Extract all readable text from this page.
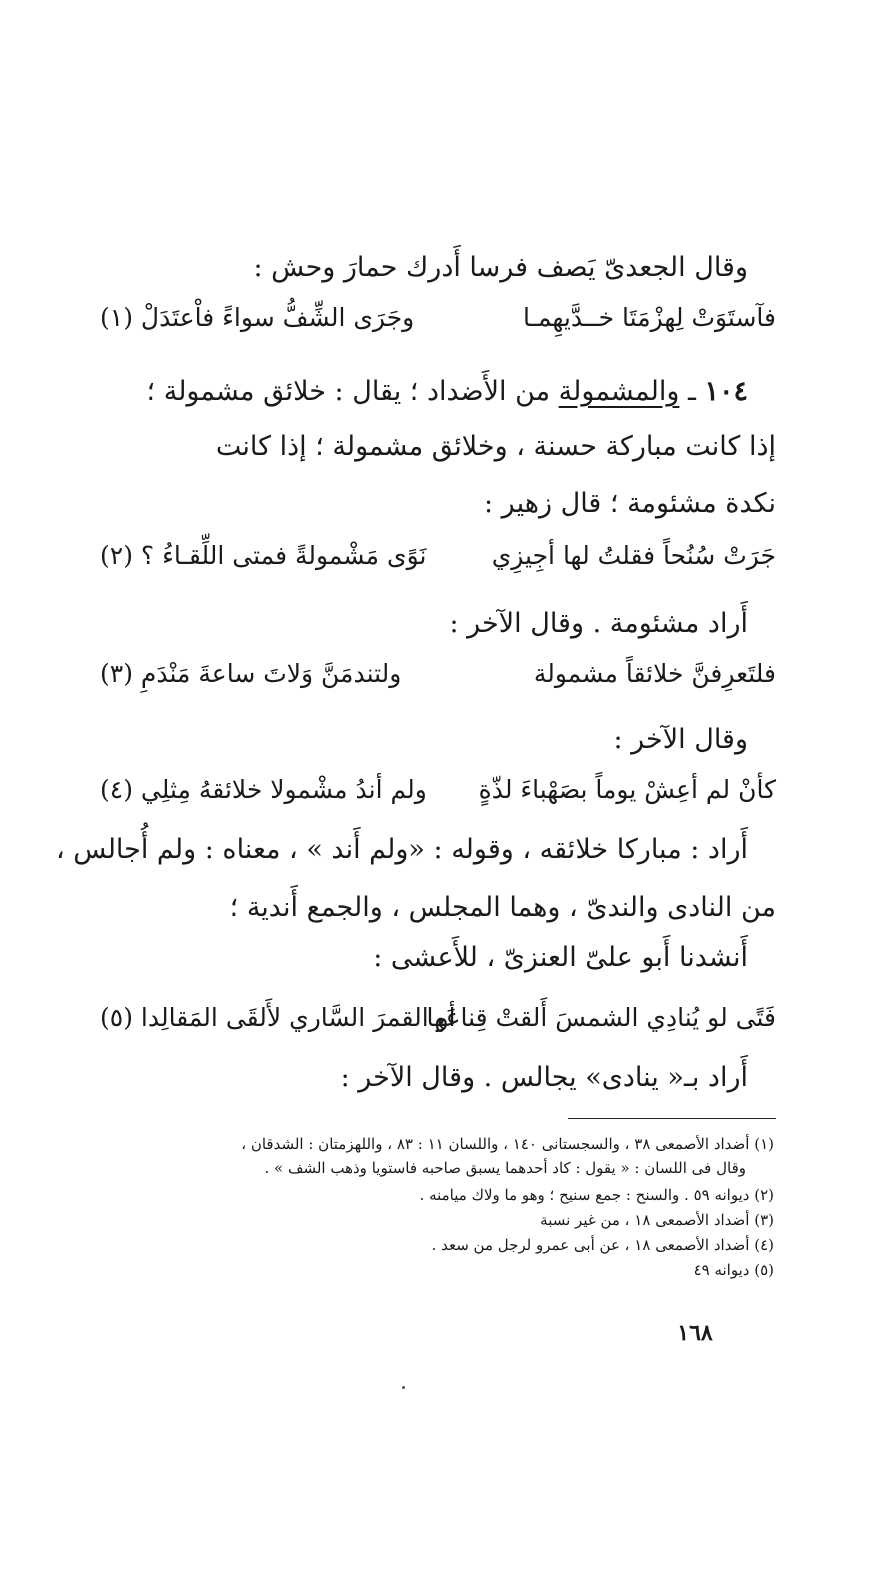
وقال الجعدىّ يَصف فرسا أَدرك حمارَ وحش :
فآستَوَتْ لِهزْمَتَا خــدَّيهِمـا
وجَرَى الشِّفُّ سواءً فاْعتَدَلْ (١)
١٠٤ ـ والمشمولة من الأَضداد ؛ يقال : خلائق مشمولة ؛
إذا كانت مباركة حسنة ، وخلائق مشمولة ؛ إذا كانت
نكدة مشئومة ؛ قال زهير :
جَرَتْ سُنُحاً فقلتُ لها أجِيزِي
نَوًى مَشْمولةً فمتى اللِّقـاءُ ؟ (٢)
أَراد مشئومة . وقال الآخر :
فلتَعرِفنَّ خلائقاً مشمولة
ولتندمَنَّ وَلاتَ ساعةَ مَنْدَمِ (٣)
وقال الآخر :
كأنْ لم أعِشْ يوماً بصَهْباءَ لذّةٍ
ولم أندُ مشْمولا خلائقهُ مِثلِي (٤)
أَراد : مباركا خلائقه ، وقوله : «ولم أَند » ، معناه : ولم أُجالس ،
من النادى والندىّ ، وهما المجلس ، والجمع أَندية ؛
أَنشدنا أَبو علىّ العنزىّ ، للأَعشى :
فَتًى لو يُنادِي الشمسَ أَلقتْ قِناعَها
أو القمرَ السَّاري لأَلقَى المَقالِدا (٥)
أَراد بـ« ينادى» يجالس . وقال الآخر :
(١) أضداد الأصمعى ٣٨ ، والسجستانى ١٤٠ ، واللسان ١١ : ٨٣ ، واللهزمتان : الشدقان ،
وقال فى اللسان : « يقول : كاد أحدهما يسبق صاحبه فاستويا وذهب الشف » .
(٢) ديوانه ٥٩ . والسنح : جمع سنيح ؛ وهو ما ولاك ميامنه .
(٣) أضداد الأصمعى ١٨ ، من غير نسبة
(٤) أضداد الأصمعى ١٨ ، عن أبى عمرو لرجل من سعد .
(٥) ديوانه ٤٩
١٦٨
